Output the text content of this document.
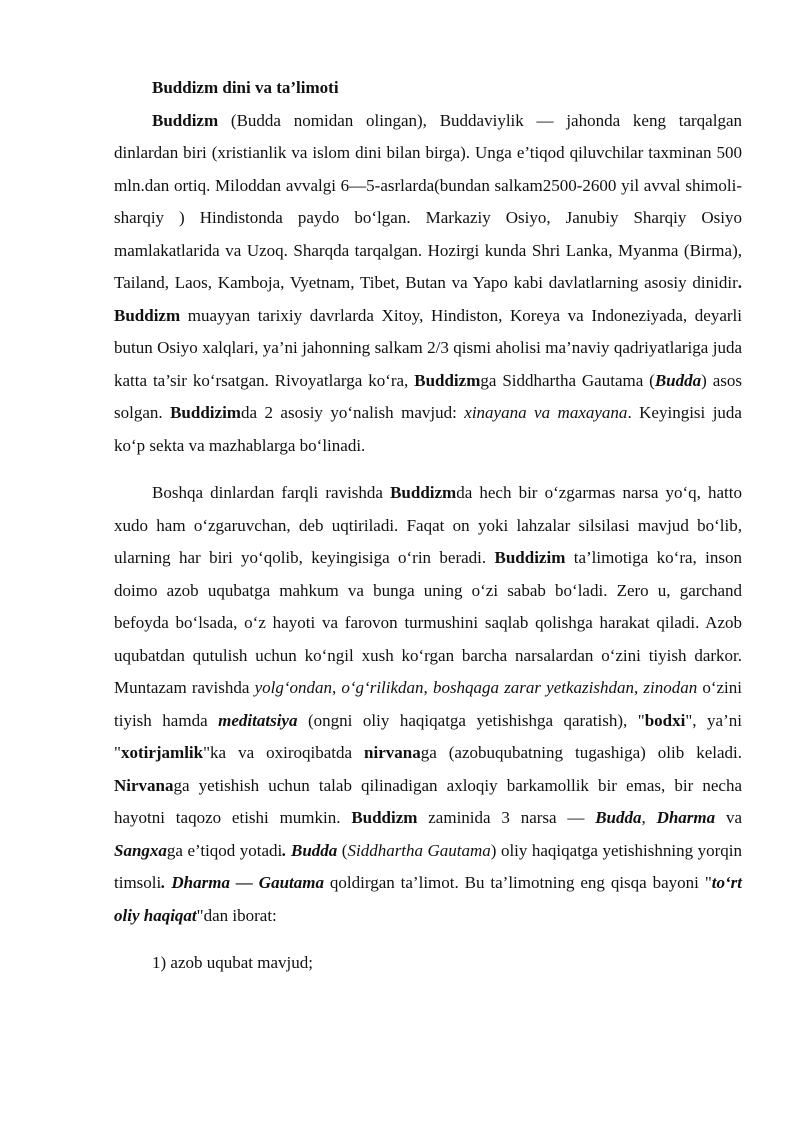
Buddizm dini va ta’limoti

Buddizm (Budda nomidan olingan), Buddaviylik — jahonda keng tarqalgan dinlardan biri (xristianlik va islom dini bilan birga). Unga e’tiqod qiluvchilar taxminan 500 mln.dan ortiq. Miloddan avvalgi 6—5-asrlarda(bundan salkam2500-2600 yil avval shimoli-sharqiy ) Hindistonda paydo bo‘lgan. Markaziy Osiyo, Janubiy Sharqiy Osiyo mamlakatlarida va Uzoq. Sharqda tarqalgan. Hozirgi kunda Shri Lanka, Myanma (Birma), Tailand, Laos, Kamboja, Vyetnam, Tibet, Butan va Yapo kabi davlatlarning asosiy dinidir. Buddizm muayyan tarixiy davrlarda Xitoy, Hindiston, Koreya va Indoneziyada, deyarli butun Osiyo xalqlari, ya’ni jahonning salkam 2/3 qismi aholisi ma’naviy qadriyatlariga juda katta ta’sir ko‘rsatgan. Rivoyatlarga ko‘ra, Buddizmga Siddhartha Gautama (Budda) asos solgan. Buddizimda 2 asosiy yo‘nalish mavjud: xinayana va maxayana. Keyingisi juda ko‘p sekta va mazhablarga bo‘linadi.

Boshqa dinlardan farqli ravishda Buddizmda hech bir o‘zgarmas narsa yo‘q, hatto xudo ham o‘zgaruvchan, deb uqtiriladi. Faqat on yoki lahzalar silsilasi mavjud bo‘lib, ularning har biri yo‘qolib, keyingisiga o‘rin beradi. Buddizim ta’limotiga ko‘ra, inson doimo azob uqubatga mahkum va bunga uning o‘zi sabab bo‘ladi. Zero u, garchand befoyda bo‘lsada, o‘z hayoti va farovon turmushini saqlab qolishga harakat qiladi. Azob uqubatdan qutulish uchun ko‘ngil xush ko‘rgan barcha narsalardan o‘zini tiyish darkor. Muntazam ravishda yolg‘ondan, o‘g‘rilikdan, boshqaga zarar yetkazishdan, zinodan o‘zini tiyish hamda meditatsiya (ongni oliy haqiqatga yetishishga qaratish), "bodxi", ya’ni "xotirjamlik"ka va oxiroqibatda nirvanaga (azobuqubatning tugashiga) olib keladi. Nirvanaga yetishish uchun talab qilinadigan axloqiy barkamollik bir emas, bir necha hayotni taqozo etishi mumkin. Buddizm zaminida 3 narsa — Budda, Dharma va Sangxaga e’tiqod yotadi. Budda (Siddhartha Gautama) oliy haqiqatga yetishishning yorqin timsoli. Dharma — Gautama qoldirgan ta’limot. Bu ta’limotning eng qisqa bayoni "to‘rt oliy haqiqat"dan iborat:

1) azob uqubat mavjud;
